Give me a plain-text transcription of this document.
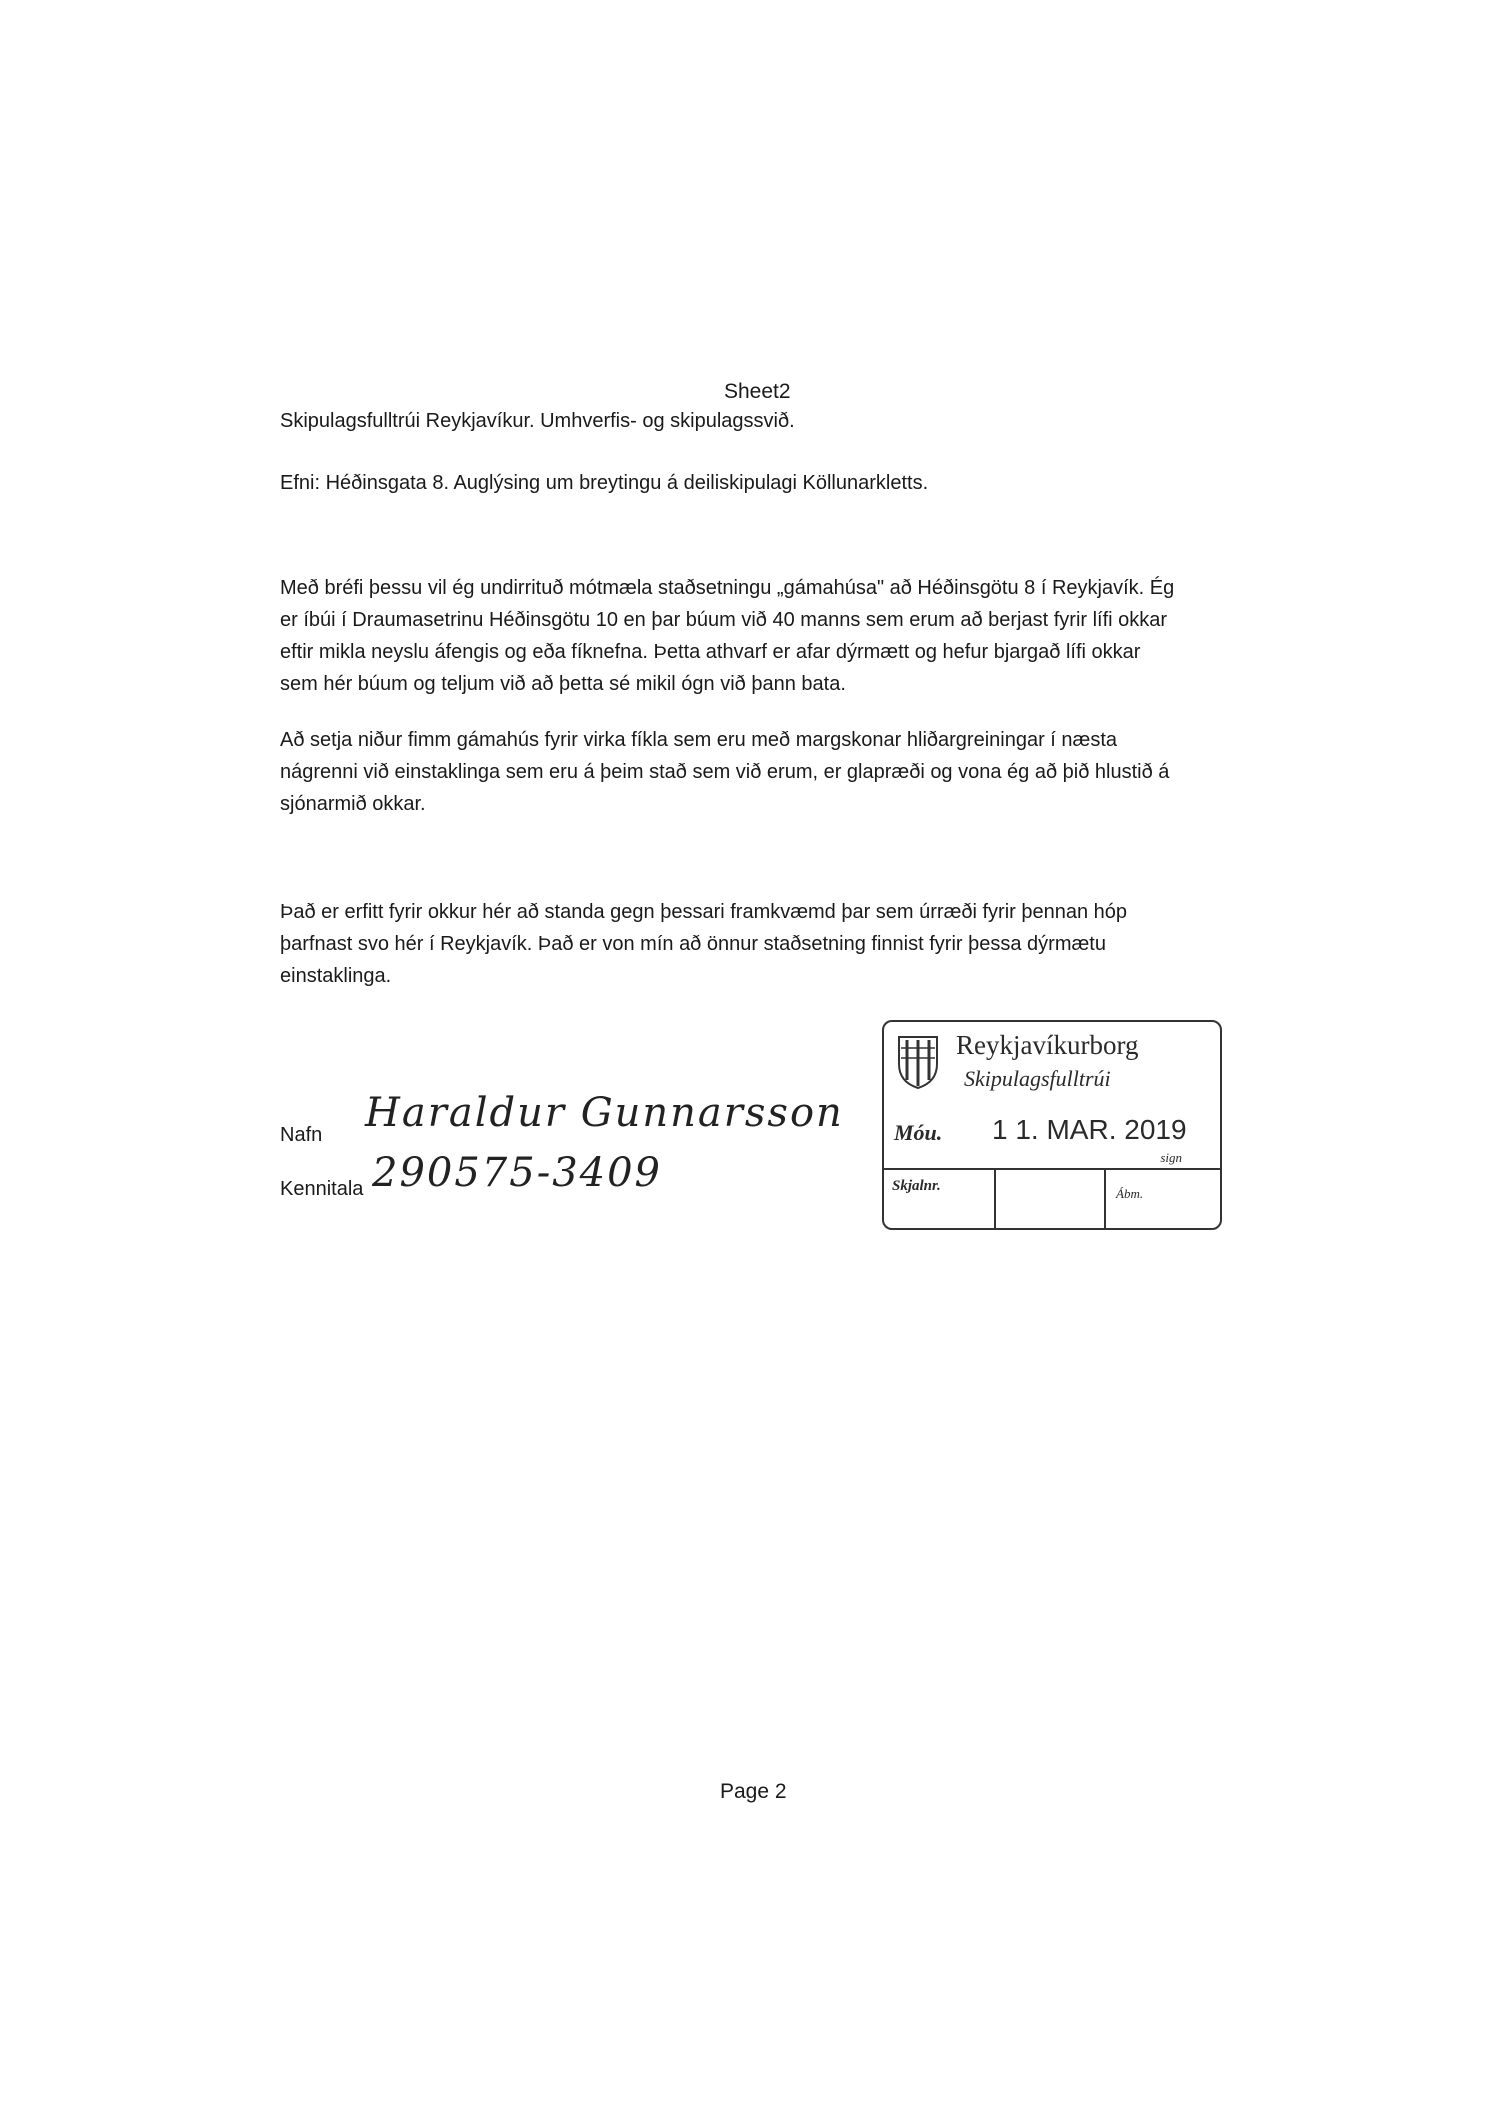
Sheet2
Skipulagsfulltrúi Reykjavíkur. Umhverfis- og skipulagssvið.
Efni: Héðinsgata 8. Auglýsing um breytingu á deiliskipulagi Köllunarkletts.

Með bréfi þessu vil ég undirrituð mótmæla staðsetningu „gámahúsa" að Héðinsgötu 8 í Reykjavík. Ég
er íbúi í Draumasetrinu Héðinsgötu 10 en þar búum við 40 manns sem erum að berjast fyrir lífi okkar
eftir mikla neyslu áfengis og eða fíknefna. Þetta athvarf er afar dýrmætt og hefur bjargað lífi okkar
sem hér búum og teljum við að þetta sé mikil ógn við þann bata.

Að setja niður fimm gámahús fyrir virka fíkla sem eru með margskonar hliðargreiningar í næsta
nágrenni við einstaklinga sem eru á þeim stað sem við erum, er glapræði og vona ég að þið hlustið á
sjónarmið okkar.

Það er erfitt fyrir okkur hér að standa gegn þessari framkvæmd þar sem úrræði fyrir þennan hóp
þarfnast svo hér í Reykjavík. Það er von mín að önnur staðsetning finnist fyrir þessa dýrmætu
einstaklinga.

Nafn Haraldur Gunnarsson
Kennitala 290575-3409
Reykjavíkurborg
Skipulagsfulltrúi
Móu. 1 1. MAR. 2019
sign
Skjalnr.	Ábm.
Page 2
